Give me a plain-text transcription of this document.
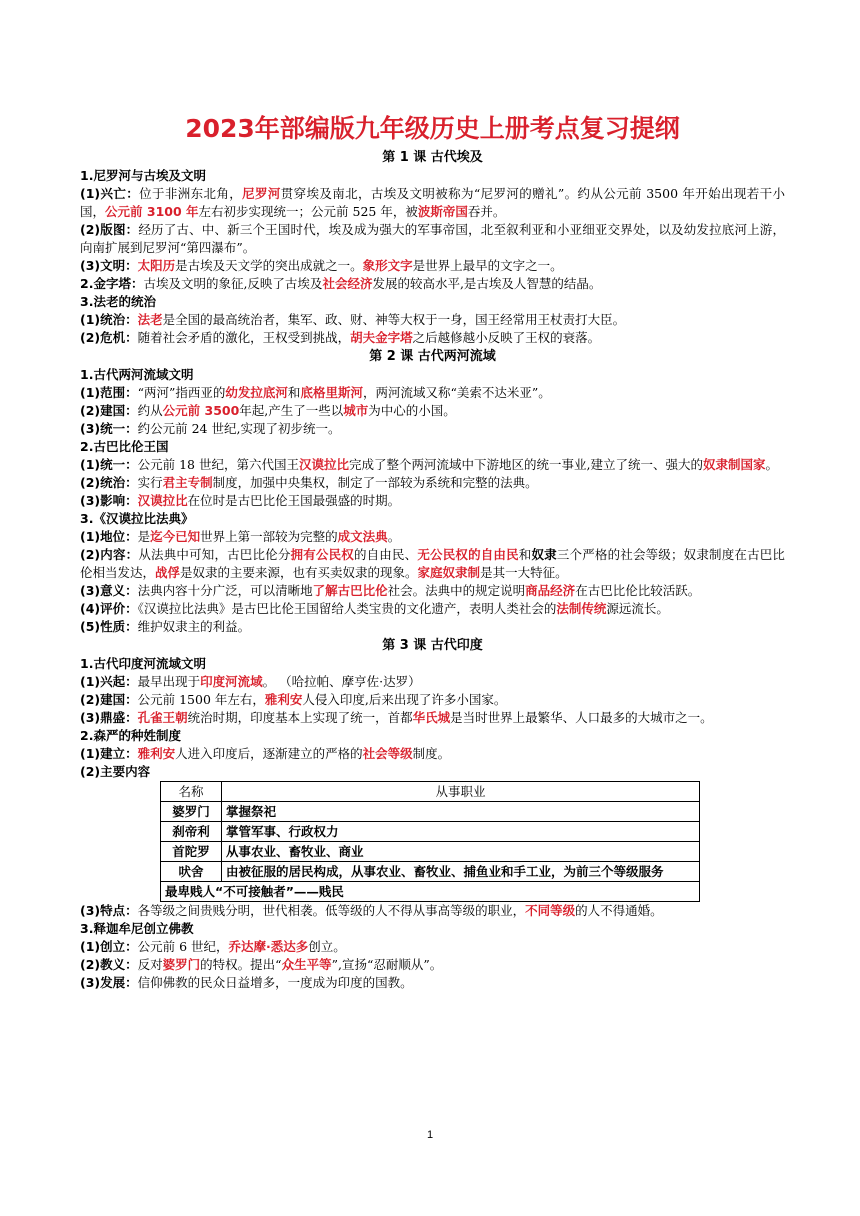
2023年部编版九年级历史上册考点复习提纲
第 1 课 古代埃及
1.尼罗河与古埃及文明
(1)兴亡：位于非洲东北角，尼罗河贯穿埃及南北，古埃及文明被称为“尼罗河的赠礼”。约从公元前 3500 年开始出现若干小国，公元前 3100 年左右初步实现统一；公元前 525 年，被波斯帝国吞并。
(2)版图：经历了古、中、新三个王国时代，埃及成为强大的军事帝国，北至叙利亚和小亚细亚交界处，以及幼发拉底河上游，向南扩展到尼罗河“第四瀑布”。
(3)文明：太阳历是古埃及天文学的突出成就之一。象形文字是世界上最早的文字之一。
2.金字塔：古埃及文明的象征,反映了古埃及社会经济发展的较高水平,是古埃及人智慧的结晶。
3.法老的统治
(1)统治：法老是全国的最高统治者，集军、政、财、神等大权于一身，国王经常用王杖责打大臣。
(2)危机：随着社会矛盾的激化，王权受到挑战，胡夫金字塔之后越修越小反映了王权的衰落。
第 2 课 古代两河流域
1.古代两河流域文明
(1)范围：“两河”指西亚的幼发拉底河和底格里斯河，两河流域又称“美索不达米亚”。
(2)建国：约从公元前 3500年起,产生了一些以城市为中心的小国。
(3)统一：约公元前 24 世纪,实现了初步统一。
2.古巴比伦王国
(1)统一：公元前 18 世纪，第六代国王汉谟拉比完成了整个两河流域中下游地区的统一事业,建立了统一、强大的奴隶制国家。
(2)统治：实行君主专制制度，加强中央集权，制定了一部较为系统和完整的法典。
(3)影响：汉谟拉比在位时是古巴比伦王国最强盛的时期。
3.《汉谟拉比法典》
(1)地位：是迄今已知世界上第一部较为完整的成文法典。
(2)内容：从法典中可知，古巴比伦分拥有公民权的自由民、无公民权的自由民和奴隶三个严格的社会等级；奴隶制度在古巴比伦相当发达，战俘是奴隶的主要来源，也有买卖奴隶的现象。家庭奴隶制是其一大特征。
(3)意义：法典内容十分广泛，可以清晰地了解古巴比伦社会。法典中的规定说明商品经济在古巴比伦比较活跃。
(4)评价：《汉谟拉比法典》是古巴比伦王国留给人类宝贵的文化遗产，表明人类社会的法制传统源远流长。
(5)性质：维护奴隶主的利益。
第 3 课 古代印度
1.古代印度河流域文明
(1)兴起：最早出现于印度河流域。 （哈拉帕、摩亨佐·达罗）
(2)建国：公元前 1500 年左右，雅利安人侵入印度,后来出现了许多小国家。
(3)鼎盛：孔雀王朝统治时期，印度基本上实现了统一，首都华氏城是当时世界上最繁华、人口最多的大城市之一。
2.森严的种姓制度
(1)建立：雅利安人进入印度后，逐渐建立的严格的社会等级制度。
(2)主要内容
名称	从事职业
婆罗门	掌握祭祀
刹帝利	掌管军事、行政权力
首陀罗	从事农业、畜牧业、商业
吠舍	由被征服的居民构成，从事农业、畜牧业、捕鱼业和手工业，为前三个等级服务
最卑贱人“不可接触者”——贱民	
(3)特点：各等级之间贵贱分明，世代相袭。低等级的人不得从事高等级的职业，不同等级的人不得通婚。
3.释迦牟尼创立佛教
(1)创立：公元前 6 世纪，乔达摩·悉达多创立。
(2)教义：反对婆罗门的特权。提出“众生平等”,宣扬“忍耐顺从”。
(3)发展：信仰佛教的民众日益增多，一度成为印度的国教。
1
